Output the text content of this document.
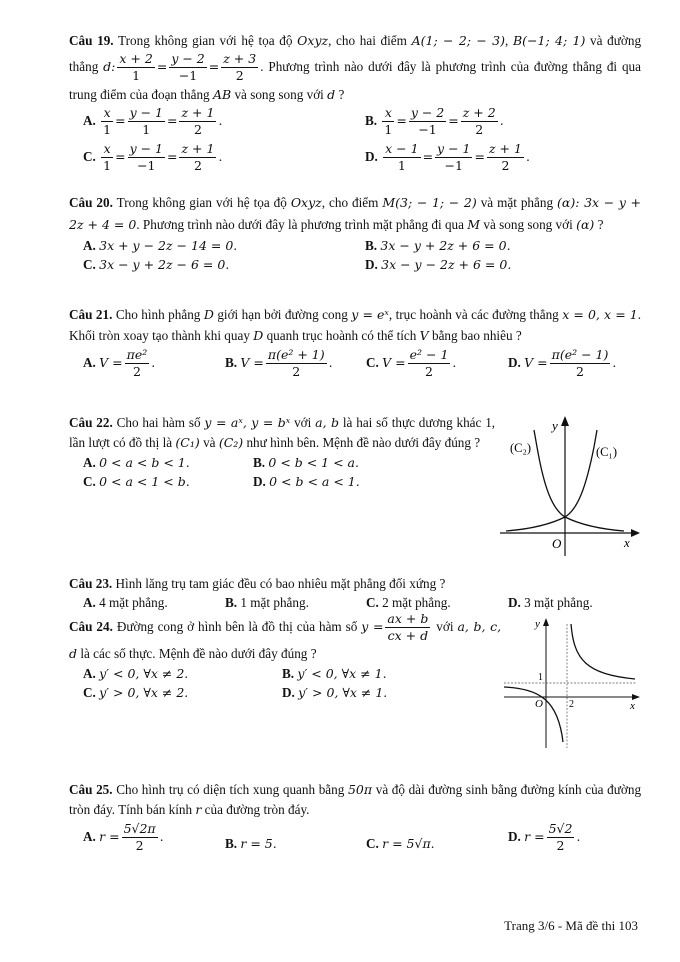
Câu 19. Trong không gian với hệ tọa độ Oxyz, cho hai điểm A(1; − 2; − 3), B(−1; 4; 1) và đường thẳng d: $\frac{x + 2}{1} = \frac{y - 2}{-1} = \frac{z + 3}{2}$ . Phương trình nào dưới đây là phương trình của đường thẳng đi qua trung điểm của đoạn thẳng AB và song song với d ?

A. $\frac{x}{1} = \frac{y - 1}{1} = \frac{z + 1}{2}$ .	B. $\frac{x}{1} = \frac{y - 2}{-1} = \frac{z + 2}{2}$ .
C. $\frac{x}{1} = \frac{y - 1}{-1} = \frac{z + 1}{2}$ .	D. $\frac{x - 1}{1} = \frac{y - 1}{-1} = \frac{z + 1}{2}$ .

Câu 20. Trong không gian với hệ tọa độ Oxyz, cho điểm M(3; − 1; − 2) và mặt phẳng (α): 3x − y + 2z + 4 = 0. Phương trình nào dưới đây là phương trình mặt phẳng đi qua M và song song với (α) ?

A. 3x + y − 2z − 14 = 0.	B. 3x − y + 2z + 6 = 0.
C. 3x − y + 2z − 6 = 0.	D. 3x − y − 2z + 6 = 0.

Câu 21. Cho hình phẳng D giới hạn bởi đường cong y = eˣ, trục hoành và các đường thẳng x = 0, x = 1. Khối tròn xoay tạo thành khi quay D quanh trục hoành có thể tích V bằng bao nhiêu ?

A. $V = \frac{\text{πe²}}{2}$ .	B. $V = \frac{\text{π(e² + 1)}}{2}$ .	C. $V = \frac{\text{e² − 1}}{2}$ .	D. $V = \frac{\text{π(e² − 1)}}{2}$ .

Câu 22. Cho hai hàm số y = aˣ, y = bˣ với a, b là hai số thực dương khác 1, lần lượt có đồ thị là (C₁) và (C₂) như hình bên. Mệnh đề nào dưới đây đúng ?

A. 0 < a < b < 1.	B. 0 < b < 1 < a.
C. 0 < a < 1 < b.	D. 0 < b < a < 1.
y
x
O
(C₂)	(C₁)

Câu 23. Hình lăng trụ tam giác đều có bao nhiêu mặt phẳng đối xứng ?

A. 4 mặt phẳng.	B. 1 mặt phẳng.	C. 2 mặt phẳng.	D. 3 mặt phẳng.

Câu 24. Đường cong ở hình bên là đồ thị của hàm số $y = \frac{ax + b}{cx + d}$ với a, b, c, d là các số thực. Mệnh đề nào dưới đây đúng ?

A. y′ < 0, ∀x ≠ 2.	B. y′ < 0, ∀x ≠ 1.
C. y′ > 0, ∀x ≠ 2.	D. y′ > 0, ∀x ≠ 1.
y
x
O
1
2

Câu 25. Cho hình trụ có diện tích xung quanh bằng 50π và độ dài đường sinh bằng đường kính của đường tròn đáy. Tính bán kính r của đường tròn đáy.

A. $r = \frac{5√2\pi}{2}$ .	B. r = 5.	C. r = 5√π.	D. $r = \frac{5√2}{2}$ .
Trang 3/6 - Mã đề thi 103
